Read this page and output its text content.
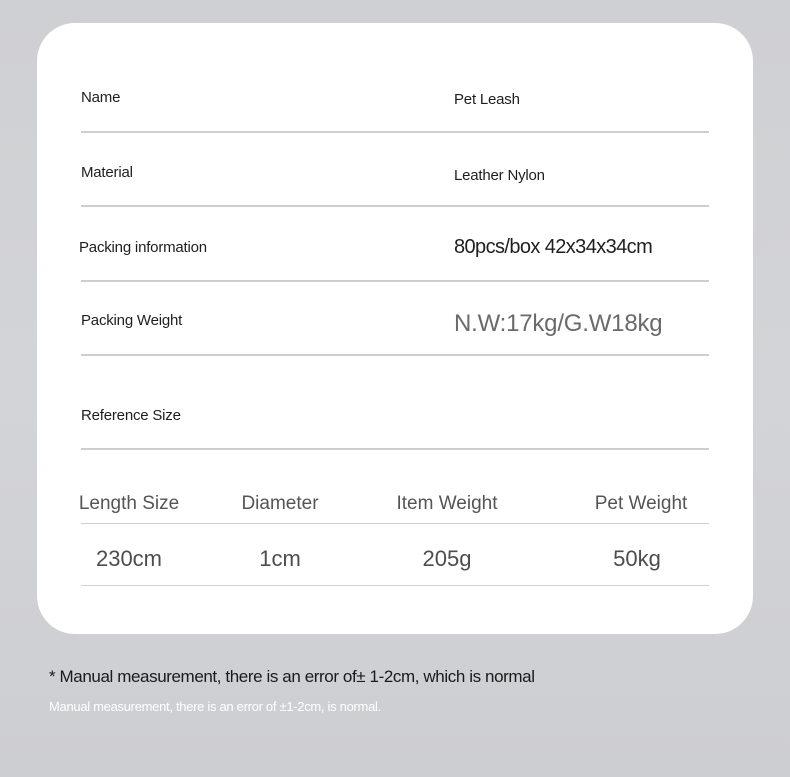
Name	Pet Leash
Material	Leather Nylon
Packing information	80pcs/box 42x34x34cm
Packing Weight	N.W:17kg/G.W18kg
Reference Size
Length Size	Diameter	Item Weight	Pet Weight
230cm	1cm	205g	50kg
* Manual measurement, there is an error of± 1-2cm, which is normal
Manual measurement, there is an error of ±1-2cm, is normal.
